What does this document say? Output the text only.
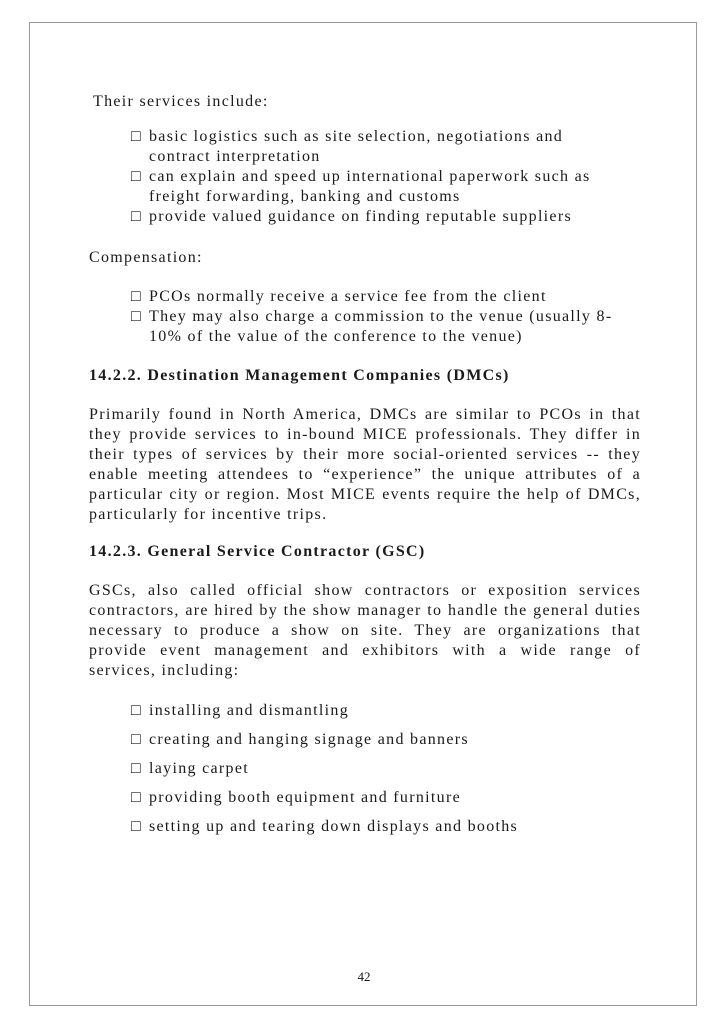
Their services include:

□ basic logistics such as site selection, negotiations and contract interpretation
□ can explain and speed up international paperwork such as freight forwarding, banking and customs
□ provide valued guidance on finding reputable suppliers

Compensation:

□ PCOs normally receive a service fee from the client
□ They may also charge a commission to the venue (usually 8-10% of the value of the conference to the venue)

14.2.2. Destination Management Companies (DMCs)

Primarily found in North America, DMCs are similar to PCOs in that they provide services to in-bound MICE professionals. They differ in their types of services by their more social-oriented services -- they enable meeting attendees to “experience” the unique attributes of a particular city or region. Most MICE events require the help of DMCs, particularly for incentive trips.

14.2.3. General Service Contractor (GSC)

GSCs, also called official show contractors or exposition services contractors, are hired by the show manager to handle the general duties necessary to produce a show on site. They are organizations that provide event management and exhibitors with a wide range of services, including:

□ installing and dismantling
□ creating and hanging signage and banners
□ laying carpet
□ providing booth equipment and furniture
□ setting up and tearing down displays and booths
42
